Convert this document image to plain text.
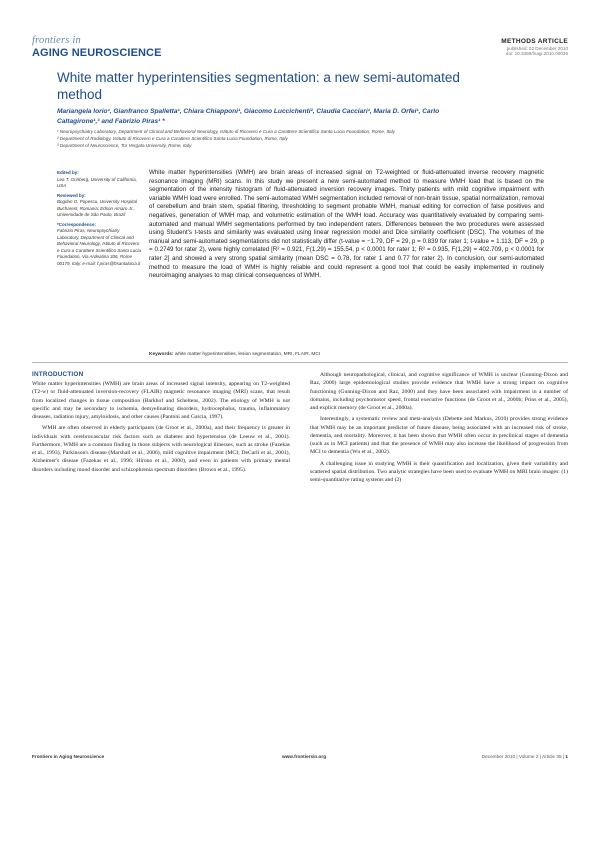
frontiers in
AGING NEUROSCIENCE
METHODS ARTICLE
published: 02 December 2010
doi: 10.3389/fnagi.2010.00035
White matter hyperintensities segmentation: a new semi-automated method
Mariangela Iorio¹, Gianfranco Spalletta¹, Chiara Chiapponi¹, Giacomo Luccichenti², Claudia Cacciari¹, Maria D. Orfei¹, Carlo Caltagirone¹,³ and Fabrizio Piras¹ *
¹ Neuropsychiatry Laboratory, Department of Clinical and Behavioral Neurology, Istituto di Ricovero e Cura a Carattere Scientifico Santa Lucia Foundation, Rome, Italy
² Department of Radiology, Istituto di Ricovero e Cura a Carattere Scientifico Santa Lucia Foundation, Rome, Italy
³ Department of Neuroscience, Tor Vergata University, Rome, Italy
Edited by:
Lea T. Grinberg, University of California, USA
Reviewed by:
Bogdan O. Popescu, University Hospital Bucharest, Romania; Edson Amaro Jr., Universidade de São Paulo, Brazil
*Correspondence:
Fabrizio Piras, Neuropsychiatry Laboratory, Department of Clinical and Behavioral Neurology, Istituto di Ricovero e Cura a Carattere Scientifico Santa Lucia Foundation, Via Ardeatina 306, Rome 00179, Italy. e-mail: f.piras@hsantalucia.it
White matter hyperintensities (WMH) are brain areas of increased signal on T2-weighted or fluid-attenuated inverse recovery magnetic resonance imaging (MRI) scans. In this study we present a new semi-automated method to measure WMH load that is based on the segmentation of the intensity histogram of fluid-attenuated inversion recovery images. Thirty patients with mild cognitive impairment with variable WMH load were enrolled. The semi-automated WMH segmentation included removal of non-brain tissue, spatial normalization, removal of cerebellum and brain stem, spatial filtering, thresholding to segment probable WMH, manual editing for correction of false positives and negatives, generation of WMH map, and volumetric estimation of the WMH load. Accuracy was quantitatively evaluated by comparing semi-automated and manual WMH segmentations performed by two independent raters. Differences between the two procedures were assessed using Student's t-tests and similarity was evaluated using linear regression model and Dice similarity coefficient (DSC). The volumes of the manual and semi-automated segmentations did not statistically differ (t-value = −1.79, DF = 29, p = 0.839 for rater 1; t-value = 1.113, DF = 29, p = 0.2749 for rater 2), were highly correlated [R² = 0.921, F(1,29) = 155.54, p < 0.0001 for rater 1; R² = 0.935, F(1,29) = 402.709, p < 0.0001 for rater 2] and showed a very strong spatial similarity (mean DSC = 0.78, for rater 1 and 0.77 for rater 2). In conclusion, our semi-automated method to measure the load of WMH is highly reliable and could represent a good tool that could be easily implemented in routinely neuroimaging analyses to map clinical consequences of WMH.
Keywords: white matter hyperintensities, lesion segmentation, MRI, FLAIR, MCI
INTRODUCTION

White matter hyperintensities (WMH) are brain areas of increased signal intensity, appearing on T2-weighted (T2-w) or fluid-attenuated inversion-recovery (FLAIR) magnetic resonance imaging (MRI) scans, that result from localized changes in tissue composition (Barkhof and Scheltens, 2002). The etiology of WMH is not specific and may be secondary to ischemia, demyelinating disorders, hydrocephalus, trauma, inflammatory diseases, radiation injury, amyloidosis, and other causes (Pantoni and Garcia, 1997).

WMH are often observed in elderly participants (de Groot et al., 2000a), and their frequency is greater in individuals with cerebrovascular risk factors such as diabetes and hypertension (de Leeuw et al., 2001). Furthermore, WMH are a common finding in those subjects with neurological illnesses, such as stroke (Fazekas et al., 1993), Parkinson's disease (Marshall et al., 2006), mild cognitive impairment (MCI; DeCarli et al., 2001), Alzheimer's disease (Fazekas et al., 1996; Hirono et al., 2000), and even in patients with primary mental disorders including mood disorder and schizophrenia spectrum disorders (Brown et al., 1995).

Although neuropathological, clinical, and cognitive significance of WMH is unclear (Gunning-Dixon and Raz, 2000) large epidemiological studies provide evidence that WMH have a strong impact on cognitive functioning (Gunning-Dixon and Raz, 2000) and they have been associated with impairment in a number of domains, including psychomotor speed, frontal executive functions (de Groot et al., 2000b; Prins et al., 2005), and explicit memory (de Groot et al., 2000a).

Interestingly, a systematic review and meta-analysis (Debette and Markus, 2010) provides strong evidence that WMH may be an important predictor of future disease, being associated with an increased risk of stroke, dementia, and mortality. Moreover, it has been shown that WMH often occur in preclinical stages of dementia (such as in MCI patients) and that the presence of WMH may also increase the likelihood of progression from MCI to dementia (Wu et al., 2002).

A challenging issue in studying WMH is their quantification and localization, given their variability and scattered spatial distribution. Two analytic strategies have been used to evaluate WMH on MRI brain images: (1) semi-quantitative rating systems and (2)

Frontiers in Aging Neuroscience	www.frontiersin.org	December 2010 | Volume 2 | Article 35 | 1
